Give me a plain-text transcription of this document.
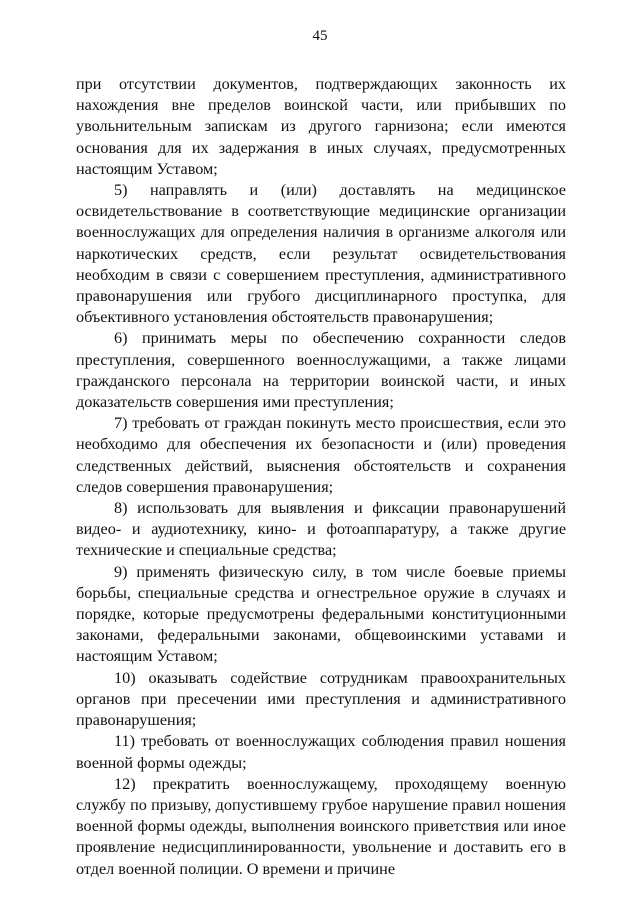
45

при отсутствии документов, подтверждающих законность их нахождения вне пределов воинской части, или прибывших по увольнительным запискам из другого гарнизона; если имеются основания для их задержания в иных случаях, предусмотренных настоящим Уставом;

5) направлять и (или) доставлять на медицинское освидетельствование в соответствующие медицинские организации военнослужащих для определения наличия в организме алкоголя или наркотических средств, если результат освидетельствования необходим в связи с совершением преступления, административного правонарушения или грубого дисциплинарного проступка, для объективного установления обстоятельств правонарушения;

6) принимать меры по обеспечению сохранности следов преступления, совершенного военнослужащими, а также лицами гражданского персонала на территории воинской части, и иных доказательств совершения ими преступления;

7) требовать от граждан покинуть место происшествия, если это необходимо для обеспечения их безопасности и (или) проведения следственных действий, выяснения обстоятельств и сохранения следов совершения правонарушения;

8) использовать для выявления и фиксации правонарушений видео- и аудиотехнику, кино- и фотоаппаратуру, а также другие технические и специальные средства;

9) применять физическую силу, в том числе боевые приемы борьбы, специальные средства и огнестрельное оружие в случаях и порядке, которые предусмотрены федеральными конституционными законами, федеральными законами, общевоинскими уставами и настоящим Уставом;

10) оказывать содействие сотрудникам правоохранительных органов при пресечении ими преступления и административного правонарушения;

11) требовать от военнослужащих соблюдения правил ношения военной формы одежды;

12) прекратить военнослужащему, проходящему военную службу по призыву, допустившему грубое нарушение правил ношения военной формы одежды, выполнения воинского приветствия или иное проявление недисциплинированности, увольнение и доставить его в отдел военной полиции. О времени и причине
